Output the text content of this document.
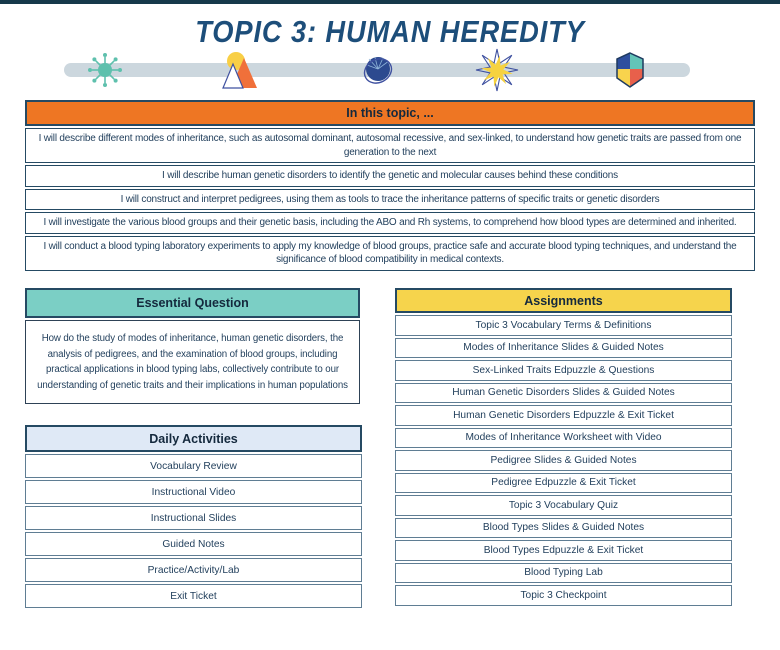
TOPIC 3: HUMAN HEREDITY
In this topic, ...
I will describe different modes of inheritance, such as autosomal dominant, autosomal recessive, and sex-linked, to understand how genetic traits are passed from one generation to the next
I will describe human genetic disorders to identify the genetic and molecular causes behind these conditions
I will construct and interpret pedigrees, using them as tools to trace the inheritance patterns of specific traits or genetic disorders
I will investigate the various blood groups and their genetic basis, including the ABO and Rh systems, to comprehend how blood types are determined and inherited.
I will conduct a blood typing laboratory experiments to apply my knowledge of blood groups, practice safe and accurate blood typing techniques, and understand the significance of blood compatibility in medical contexts.
Essential Question
How do the study of modes of inheritance, human genetic disorders, the analysis of pedigrees, and the examination of blood groups, including practical applications in blood typing labs, collectively contribute to our understanding of genetic traits and their implications in human populations
Daily Activities
Vocabulary Review
Instructional Video
Instructional Slides
Guided Notes
Practice/Activity/Lab
Exit Ticket
Assignments
Topic 3 Vocabulary Terms & Definitions
Modes of Inheritance Slides & Guided Notes
Sex-Linked Traits Edpuzzle & Questions
Human Genetic Disorders Slides & Guided Notes
Human Genetic Disorders Edpuzzle & Exit Ticket
Modes of Inheritance Worksheet with Video
Pedigree Slides & Guided Notes
Pedigree Edpuzzle & Exit Ticket
Topic 3 Vocabulary Quiz
Blood Types Slides & Guided Notes
Blood Types Edpuzzle & Exit Ticket
Blood Typing Lab
Topic 3 Checkpoint
